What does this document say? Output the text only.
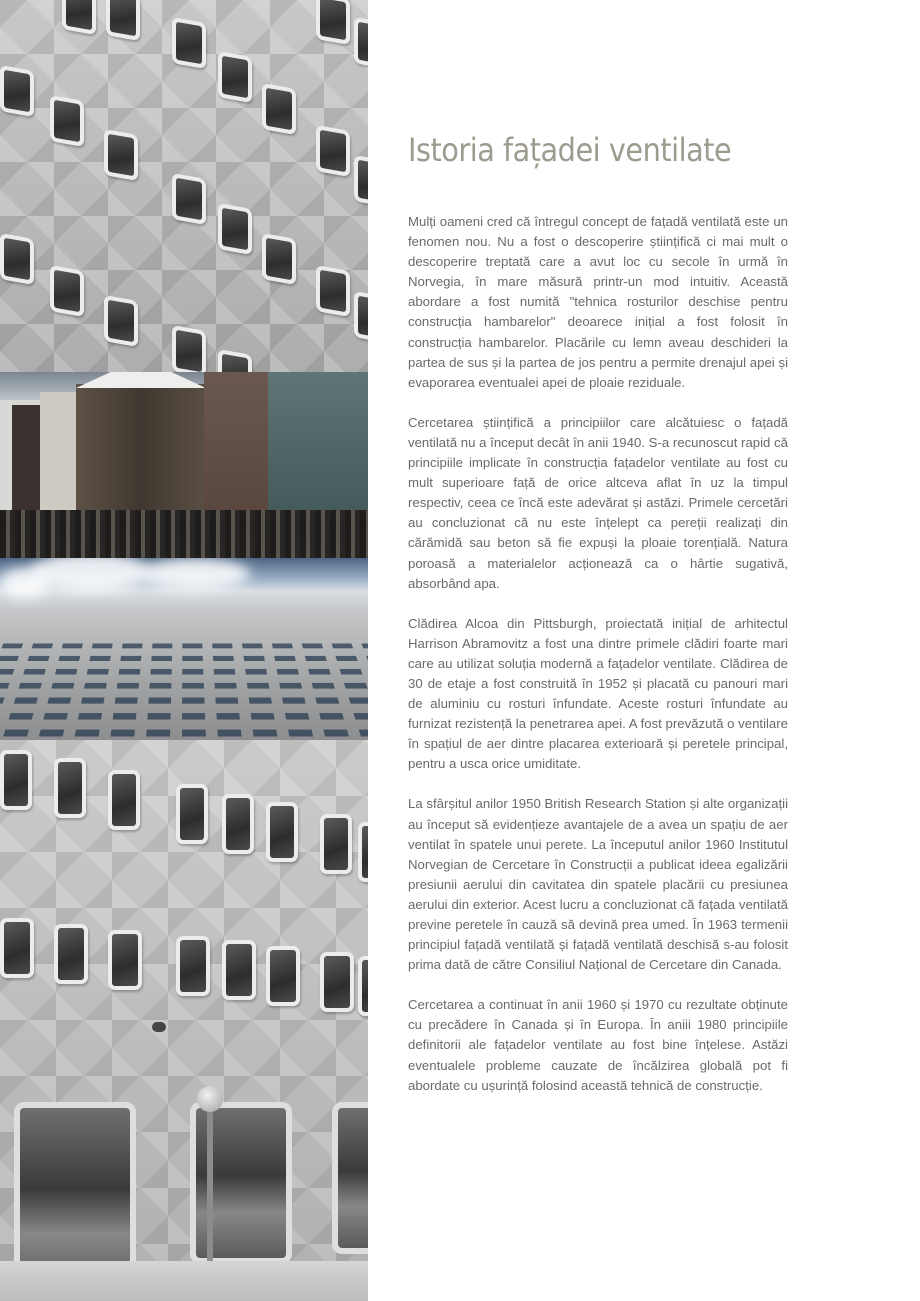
Istoria fațadei ventilate

Mulți oameni cred că întregul concept de fațadă ventilată este un fenomen nou. Nu a fost o descoperire științifică ci mai mult o descoperire treptată care a avut loc cu secole în urmă în Norvegia, în mare măsură printr-un mod intuitiv. Această abordare a fost numită "tehnica rosturilor deschise pentru construcția hambarelor" deoarece inițial a fost folosit în construcția hambarelor. Placările cu lemn aveau deschideri la partea de sus și la partea de jos pentru a permite drenajul apei și evaporarea eventualei apei de ploaie reziduale.

Cercetarea științifică a principiilor care alcătuiesc o fațadă ventilată nu a început decât în anii 1940. S-a recunoscut rapid că principiile implicate în construcția fațadelor ventilate au fost cu mult superioare față de orice altceva aflat în uz la timpul respectiv, ceea ce încă este adevărat și astăzi. Primele cercetări au concluzionat că nu este înțelept ca pereții realizați din cărămidă sau beton să fie expuși la ploaie torențială. Natura poroasă a materialelor acționează ca o hârtie sugativă, absorbând apa.

Clădirea Alcoa din Pittsburgh, proiectată inițial de arhitectul Harrison Abramovitz a fost una dintre primele clădiri foarte mari care au utilizat soluția modernă a fațadelor ventilate. Clădirea de 30 de etaje a fost construită în 1952 și placată cu panouri mari de aluminiu cu rosturi înfundate. Aceste rosturi înfundate au furnizat rezistență la penetrarea apei. A fost prevăzută o ventilare în spațiul de aer dintre placarea exterioară și peretele principal, pentru a usca orice umiditate.

La sfârșitul anilor 1950 British Research Station și alte organizații au început să evidențieze avantajele de a avea un spațiu de aer ventilat în spatele unui perete. La începutul anilor 1960 Institutul Norvegian de Cercetare în Construcții a publicat ideea egalizării presiunii aerului din cavitatea din spatele placării cu presiunea aerului din exterior. Acest lucru a concluzionat că fațada ventilată previne peretele în cauză să devină prea umed. În 1963 termenii principiul fațadă ventilată și fațadă ventilată deschisă s-au folosit prima dată de către Consiliul Național de Cercetare din Canada.

Cercetarea a continuat în anii 1960 și 1970 cu rezultate obținute cu precădere în Canada și în Europa. În aniii 1980 principiile definitorii ale fațadelor ventilate au fost bine înțelese. Astăzi eventualele probleme cauzate de încălzirea globală pot fi abordate cu ușurință folosind această tehnică de construcție.
